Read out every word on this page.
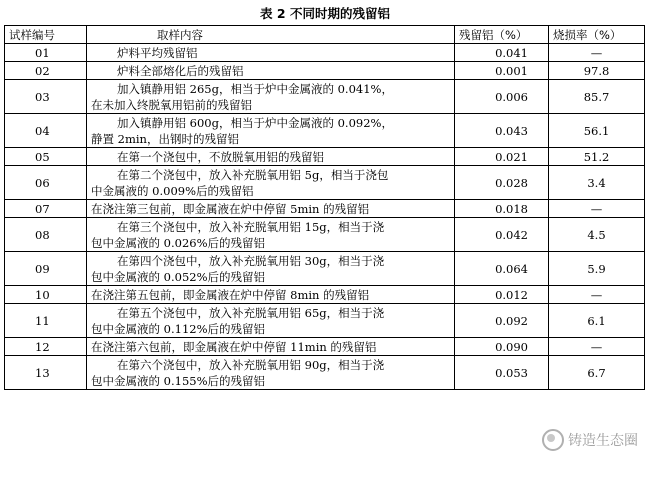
表 2 不同时期的残留铝
试样编号	取样内容	残留铝（%）	烧损率（%）
01	炉料平均残留铝	0.041	—
02	炉料全部熔化后的残留铝	0.001	97.8
03	加入镇静用铝 265g，相当于炉中金属液的 0.041%，
在未加入终脱氧用铝前的残留铝	0.006	85.7
04	加入镇静用铝 600g，相当于炉中金属液的 0.092%，
静置 2min，出钢时的残留铝	0.043	56.1
05	在第一个浇包中，不放脱氧用铝的残留铝	0.021	51.2
06	在第二个浇包中，放入补充脱氧用铝 5g，相当于浇包
中金属液的 0.009%后的残留铝	0.028	3.4
07	在浇注第三包前，即金属液在炉中停留 5min 的残留铝	0.018	—
08	在第三个浇包中，放入补充脱氧用铝 15g，相当于浇
包中金属液的 0.026%后的残留铝	0.042	4.5
09	在第四个浇包中，放入补充脱氧用铝 30g，相当于浇
包中金属液的 0.052%后的残留铝	0.064	5.9
10	在浇注第五包前，即金属液在炉中停留 8min 的残留铝	0.012	—
11	在第五个浇包中，放入补充脱氧用铝 65g，相当于浇
包中金属液的 0.112%后的残留铝	0.092	6.1
12	在浇注第六包前，即金属液在炉中停留 11min 的残留铝	0.090	—
13	在第六个浇包中，放入补充脱氧用铝 90g，相当于浇
包中金属液的 0.155%后的残留铝	0.053	6.7
铸造生态圈
